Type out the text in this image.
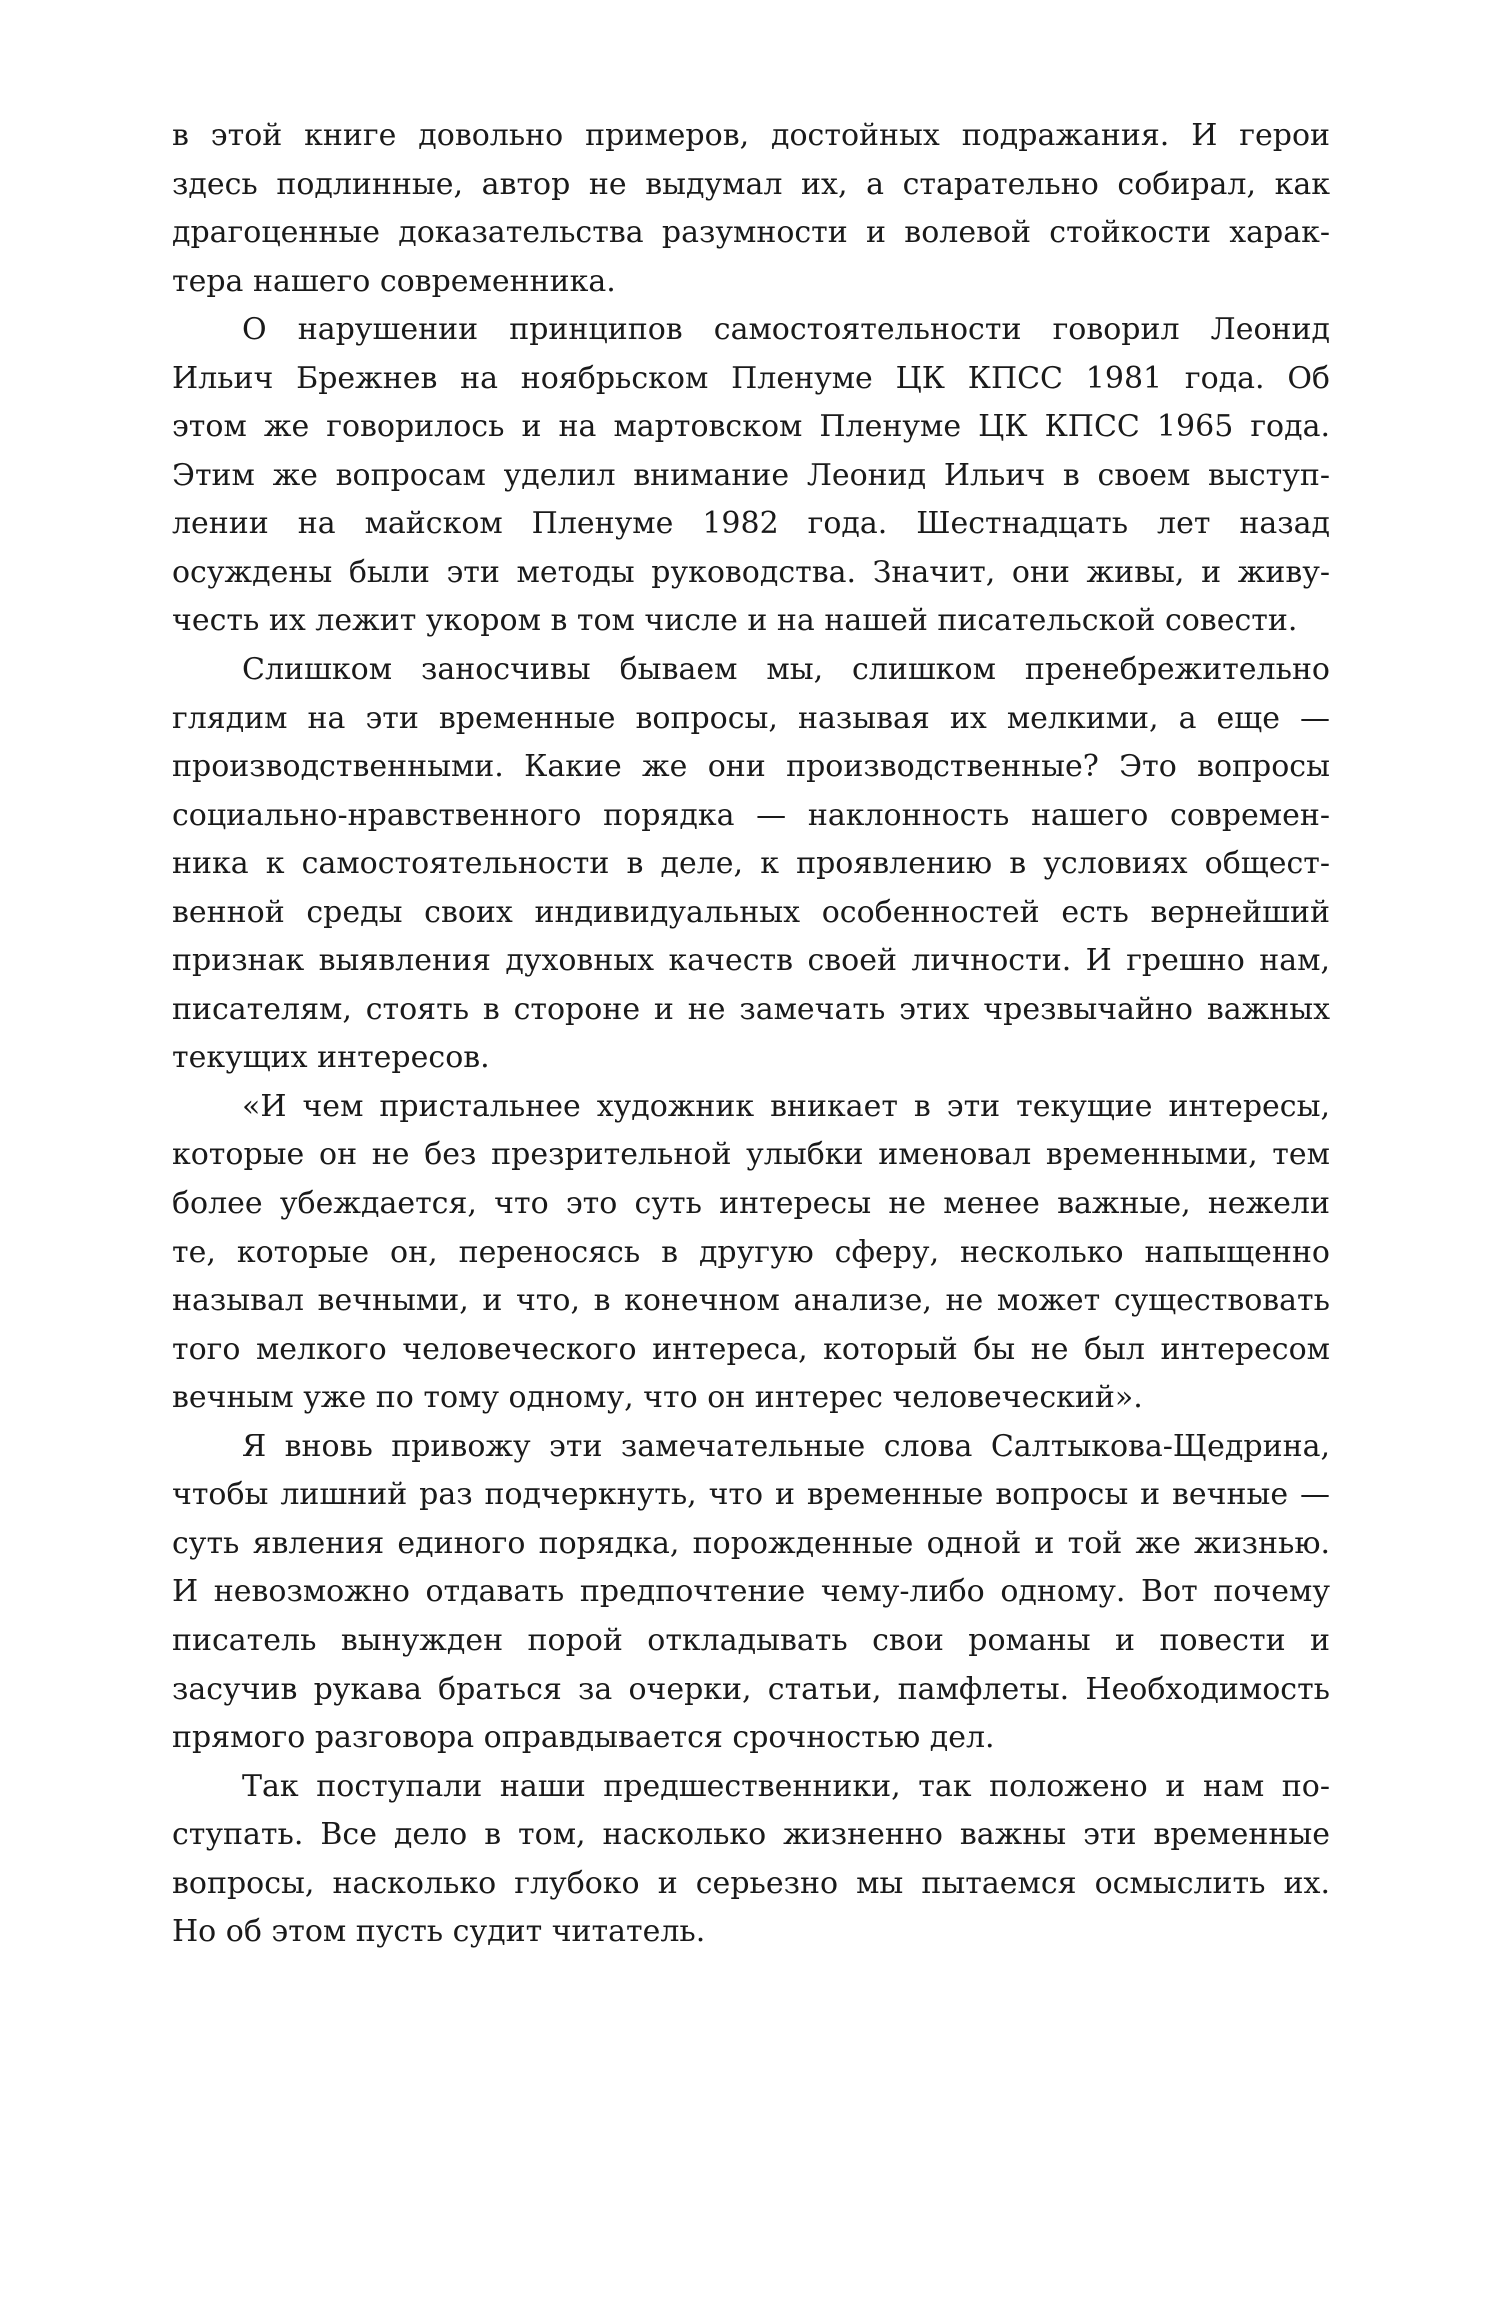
в этой книге довольно примеров, достойных подражания. И герои
здесь подлинные, автор не выдумал их, а старательно собирал, как
драгоценные доказательства разумности и волевой стойкости харак-
тера нашего современника.
О нарушении принципов самостоятельности говорил Леонид
Ильич Брежнев на ноябрьском Пленуме ЦК КПСС 1981 года. Об
этом же говорилось и на мартовском Пленуме ЦК КПСС 1965 года.
Этим же вопросам уделил внимание Леонид Ильич в своем выступ-
лении на майском Пленуме 1982 года. Шестнадцать лет назад
осуждены были эти методы руководства. Значит, они живы, и живу-
честь их лежит укором в том числе и на нашей писательской совести.
Слишком заносчивы бываем мы, слишком пренебрежительно
глядим на эти временные вопросы, называя их мелкими, а еще —
производственными. Какие же они производственные? Это вопросы
социально-нравственного порядка — наклонность нашего современ-
ника к самостоятельности в деле, к проявлению в условиях общест-
венной среды своих индивидуальных особенностей есть вернейший
признак выявления духовных качеств своей личности. И грешно нам,
писателям, стоять в стороне и не замечать этих чрезвычайно важных
текущих интересов.
«И чем пристальнее художник вникает в эти текущие интересы,
которые он не без презрительной улыбки именовал временными, тем
более убеждается, что это суть интересы не менее важные, нежели
те, которые он, переносясь в другую сферу, несколько напыщенно
называл вечными, и что, в конечном анализе, не может существовать
того мелкого человеческого интереса, который бы не был интересом
вечным уже по тому одному, что он интерес человеческий».
Я вновь привожу эти замечательные слова Салтыкова-Щедрина,
чтобы лишний раз подчеркнуть, что и временные вопросы и вечные —
суть явления единого порядка, порожденные одной и той же жизнью.
И невозможно отдавать предпочтение чему-либо одному. Вот почему
писатель вынужден порой откладывать свои романы и повести и
засучив рукава браться за очерки, статьи, памфлеты. Необходимость
прямого разговора оправдывается срочностью дел.
Так поступали наши предшественники, так положено и нам по-
ступать. Все дело в том, насколько жизненно важны эти временные
вопросы, насколько глубоко и серьезно мы пытаемся осмыслить их.
Но об этом пусть судит читатель.
